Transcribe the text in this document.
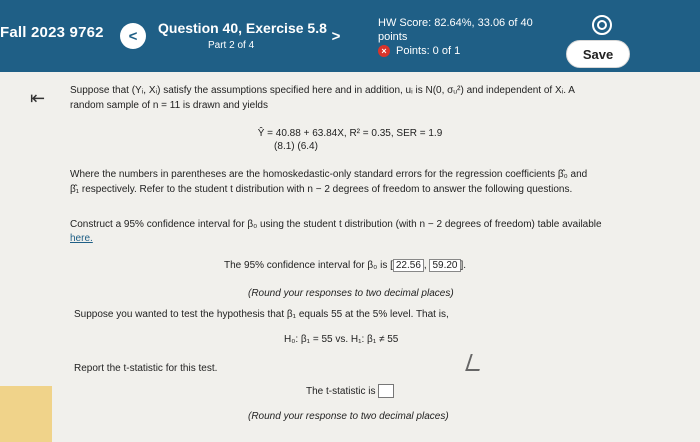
Fall 2023 9762	<	Question 40, Exercise 5.8
Part 2 of 4
>
HW Score: 82.64%, 33.06 of 40
points
× Points: 0 of 1	Save
⇤ Suppose that (Yᵢ, Xᵢ) satisfy the assumptions specified here and in addition, uᵢ is N(0, σᵤ²) and independent of Xᵢ. A
random sample of n = 11 is drawn and yields
Ŷ = 40.88 + 63.84X, R² = 0.35, SER = 1.9
(8.1) (6.4)
Where the numbers in parentheses are the homoskedastic-only standard errors for the regression coefficients β̂₀ and
β̂₁ respectively. Refer to the student t distribution with n − 2 degrees of freedom to answer the following questions.
Construct a 95% confidence interval for β₀ using the student t distribution (with n − 2 degrees of freedom) table available
here.
The 95% confidence interval for β₀ is [ 22.56 , 59.20 ].
(Round your responses to two decimal places)
Suppose you wanted to test the hypothesis that β₁ equals 55 at the 5% level. That is,
H₀: β₁ = 55 vs. H₁: β₁ ≠ 55
Report the t-statistic for this test.
The t-statistic is
(Round your response to two decimal places)
